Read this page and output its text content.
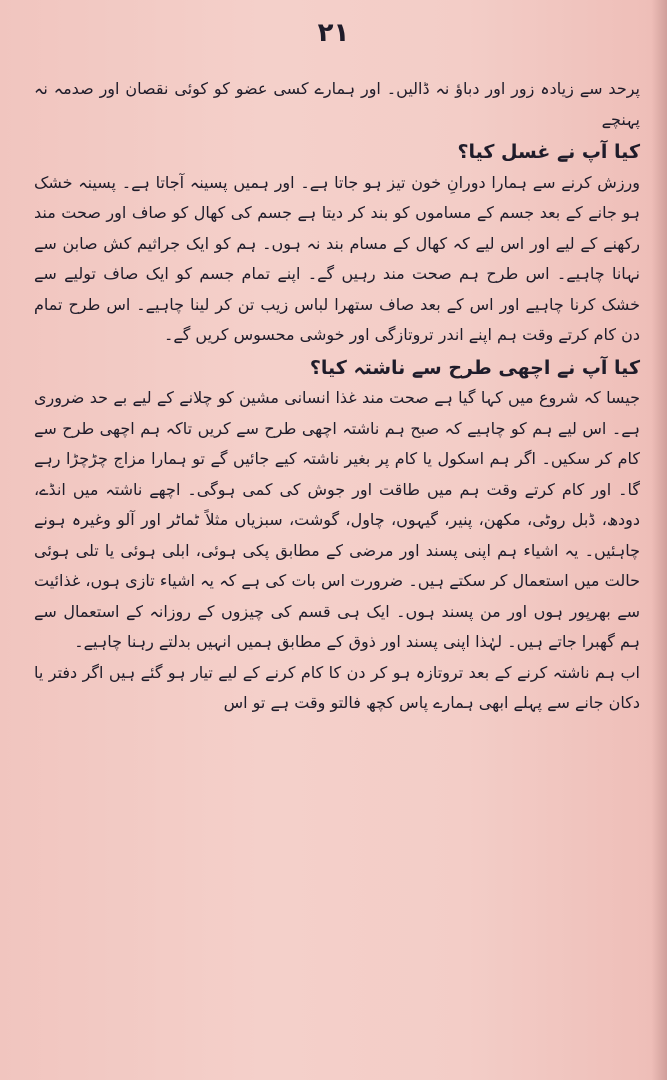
٢١

پرحد سے زیادہ زور اور دباؤ نہ ڈالیں۔ اور ہمارے کسی عضو کو کوئی نقصان اور صدمہ نہ پہنچے

کیا آپ نے غسل کیا؟

ورزش کرنے سے ہمارا دورانِ خون تیز ہو جاتا ہے۔ اور ہمیں پسینہ آجاتا ہے۔ پسینہ خشک ہو جانے کے بعد جسم کے مساموں کو بند کر دیتا ہے جسم کی کھال کو صاف اور صحت مند رکھنے کے لیے اور اس لیے کہ کھال کے مسام بند نہ ہوں۔ ہم کو ایک جراثیم کش صابن سے نہانا چاہیے۔ اس طرح ہم صحت مند رہیں گے۔ اپنے تمام جسم کو ایک صاف تولیے سے خشک کرنا چاہیے اور اس کے بعد صاف ستھرا لباس زیب تن کر لینا چاہیے۔ اس طرح تمام دن کام کرتے وقت ہم اپنے اندر تروتازگی اور خوشی محسوس کریں گے۔

کیا آپ نے اچھی طرح سے ناشتہ کیا؟

جیسا کہ شروع میں کہا گیا ہے صحت مند غذا انسانی مشین کو چلانے کے لیے بے حد ضروری ہے۔ اس لیے ہم کو چاہیے کہ صبح ہم ناشتہ اچھی طرح سے کریں تاکہ ہم اچھی طرح سے کام کر سکیں۔ اگر ہم اسکول یا کام پر بغیر ناشتہ کیے جائیں گے تو ہمارا مزاج چڑچڑا رہے گا۔ اور کام کرتے وقت ہم میں طاقت اور جوش کی کمی ہوگی۔ اچھے ناشتہ میں انڈے، دودھ، ڈبل روٹی، مکھن، پنیر، گیہوں، چاول، گوشت، سبزیاں مثلاً ٹماٹر اور آلو وغیرہ ہونے چاہئیں۔ یہ اشیاء ہم اپنی پسند اور مرضی کے مطابق پکی ہوئی، ابلی ہوئی یا تلی ہوئی حالت میں استعمال کر سکتے ہیں۔ ضرورت اس بات کی ہے کہ یہ اشیاء تازی ہوں، غذائیت سے بھرپور ہوں اور من پسند ہوں۔ ایک ہی قسم کی چیزوں کے روزانہ کے استعمال سے ہم گھبرا جاتے ہیں۔ لہٰذا اپنی پسند اور ذوق کے مطابق ہمیں انہیں بدلتے رہنا چاہیے۔

اب ہم ناشتہ کرنے کے بعد تروتازہ ہو کر دن کا کام کرنے کے لیے تیار ہو گئے ہیں اگر دفتر یا دکان جانے سے پہلے ابھی ہمارے پاس کچھ فالتو وقت ہے تو اس
